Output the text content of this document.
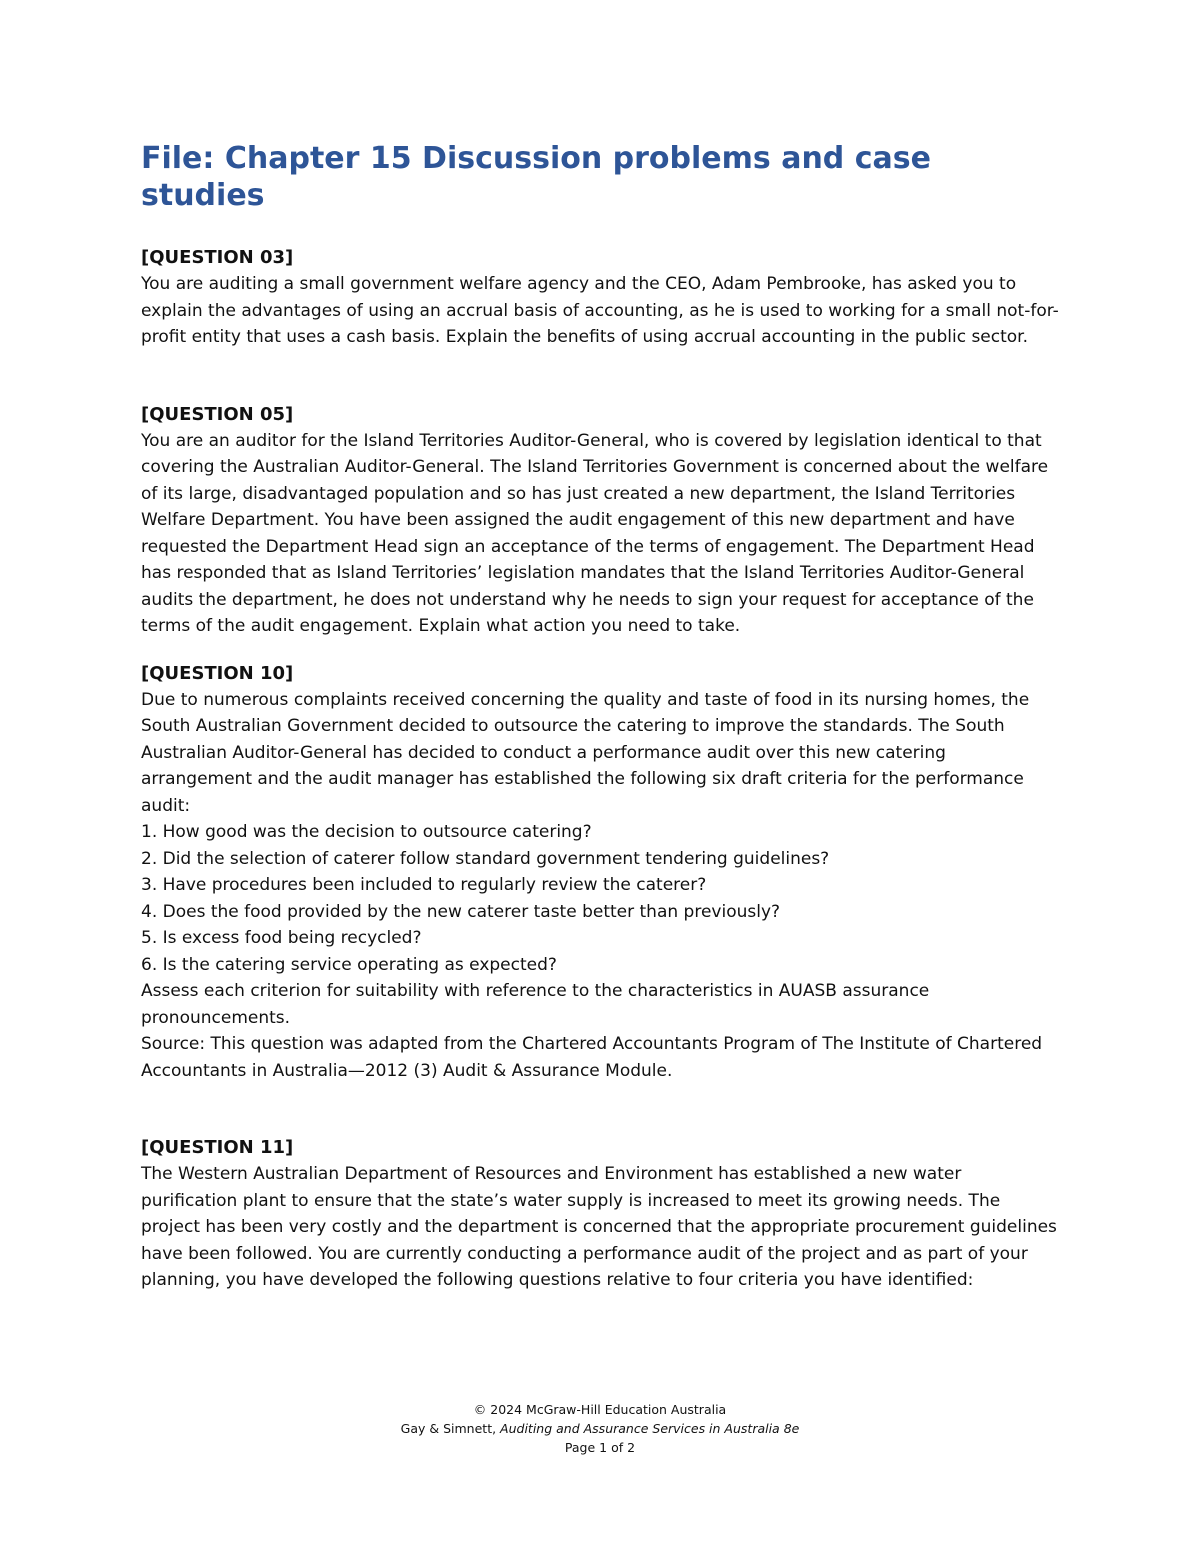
File: Chapter 15 Discussion problems and case studies
[QUESTION 03]

You are auditing a small government welfare agency and the CEO, Adam Pembrooke, has asked you to explain the advantages of using an accrual basis of accounting, as he is used to working for a small not-for-profit entity that uses a cash basis. Explain the benefits of using accrual accounting in the public sector.

[QUESTION 05]

You are an auditor for the Island Territories Auditor-General, who is covered by legislation identical to that covering the Australian Auditor-General. The Island Territories Government is concerned about the welfare of its large, disadvantaged population and so has just created a new department, the Island Territories Welfare Department. You have been assigned the audit engagement of this new department and have requested the Department Head sign an acceptance of the terms of engagement. The Department Head has responded that as Island Territories’ legislation mandates that the Island Territories Auditor-General audits the department, he does not understand why he needs to sign your request for acceptance of the terms of the audit engagement. Explain what action you need to take.

[QUESTION 10]

Due to numerous complaints received concerning the quality and taste of food in its nursing homes, the South Australian Government decided to outsource the catering to improve the standards. The South Australian Auditor-General has decided to conduct a performance audit over this new catering arrangement and the audit manager has established the following six draft criteria for the performance audit:

1. How good was the decision to outsource catering?
2. Did the selection of caterer follow standard government tendering guidelines?
3. Have procedures been included to regularly review the caterer?
4. Does the food provided by the new caterer taste better than previously?
5. Is excess food being recycled?
6. Is the catering service operating as expected?

Assess each criterion for suitability with reference to the characteristics in AUASB assurance pronouncements.

Source: This question was adapted from the Chartered Accountants Program of The Institute of Chartered Accountants in Australia—2012 (3) Audit & Assurance Module.

[QUESTION 11]

The Western Australian Department of Resources and Environment has established a new water purification plant to ensure that the state’s water supply is increased to meet its growing needs. The project has been very costly and the department is concerned that the appropriate procurement guidelines have been followed. You are currently conducting a performance audit of the project and as part of your planning, you have developed the following questions relative to four criteria you have identified:

© 2024 McGraw-Hill Education Australia
Gay & Simnett, Auditing and Assurance Services in Australia 8e
Page 1 of 2
